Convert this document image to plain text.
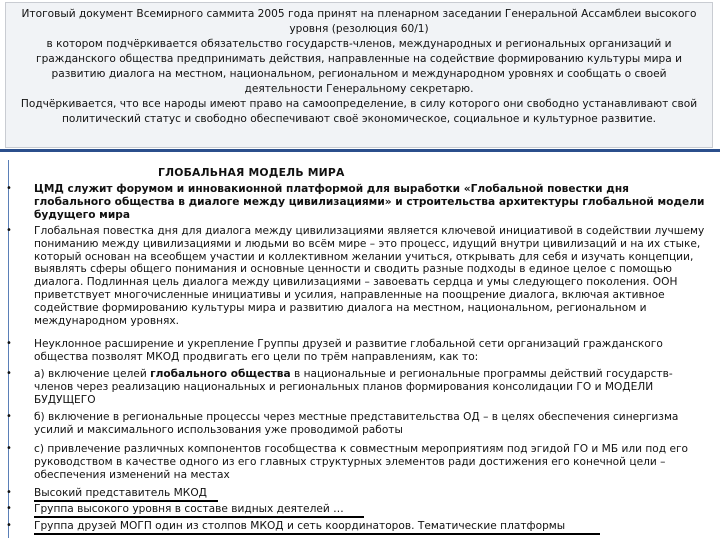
Итоговый документ Всемирного саммита 2005 года принят на пленарном заседании Генеральной Ассамблеи высокого уровня (резолюция 60/1)

в котором подчёркивается обязательство государств-членов, международных и региональных организаций и гражданского общества предпринимать действия, направленные на содействие формированию культуры мира и развитию диалога на местном, национальном, региональном и международном уровнях и сообщать о своей деятельности Генеральному секретарю.

Подчёркивается, что все народы имеют право на самоопределение, в силу которого они свободно устанавливают свой политический статус и свободно обеспечивают своё экономическое, социальное и культурное развитие.

ГЛОБАЛЬНАЯ МОДЕЛЬ МИРА
•	ЦМД служит форумом и инновакионной платформой для выработки «Глобальной повестки дня глобального общества в диалоге между цивилизациями» и строительства архитектуры глобальной модели будущего мира
•	Глобальная повестка дня для диалога между цивилизациями является ключевой инициативой в содействии лучшему пониманию между цивилизациями и людьми во всём мире – это процесс, идущий внутри цивилизаций и на их стыке, который основан на всеобщем участии и коллективном желании учиться, открывать для себя и изучать концепции, выявлять сферы общего понимания и основные ценности и сводить разные подходы в единое целое с помощью диалога. Подлинная цель диалога между цивилизациями – завоевать сердца и умы следующего поколения. ООН приветствует многочисленные инициативы и усилия, направленные на поощрение диалога, включая активное содействие формированию культуры мира и развитию диалога на местном, национальном, региональном и международном уровнях.
•	Неуклонное расширение и укрепление Группы друзей и развитие глобальной сети организаций гражданского общества позволят МКОД продвигать его цели по трём направлениям, как то:
•	а) включение целей глобального общества в национальные и региональные программы действий государств-членов через реализацию национальных и региональных планов формирования консолидации ГО и МОДЕЛИ БУДУЩЕГО
•	б) включение в региональные процессы через местные представительства ОД – в целях обеспечения синергизма усилий и максимального использования уже проводимой работы
•	с) привлечение различных компонентов гособщества к совместным мероприятиям под эгидой ГО и МБ или под его руководством в качестве одного из его главных структурных элементов ради достижения его конечной цели – обеспечения изменений на местах
•	Высокий представитель МКОД
•	Группа высокого уровня в составе видных деятелей …
•	Группа друзей МОГП один из столпов МКОД и сеть координаторов. Тематические платформы
